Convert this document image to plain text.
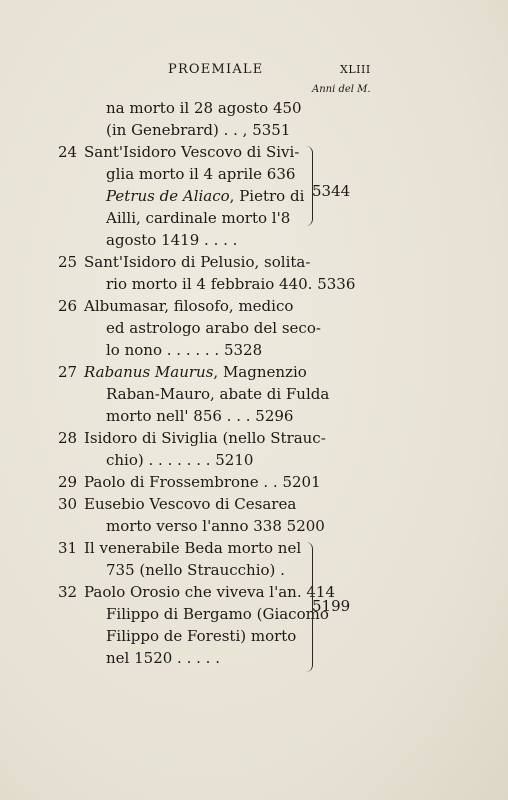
PROEMIALE	XLIII
Anni del M.
na morto il 28 agosto 450
(in Genebrard) . . , 5351
24 Sant'Isidoro Vescovo di Sivi-
glia morto il 4 aprile 636
Petrus de Aliaco, Pietro di
Ailli, cardinale morto l'8
agosto 1419 . . . .
5344
25 Sant'Isidoro di Pelusio, solita-
rio morto il 4 febbraio 440. 5336
26 Albumasar, filosofo, medico
ed astrologo arabo del seco-
lo nono . . . . . . 5328
27 Rabanus Maurus, Magnenzio
Raban-Mauro, abate di Fulda
morto nell' 856 . . . 5296
28 Isidoro di Siviglia (nello Strauc-
chio) . . . . . . . 5210
29 Paolo di Frossembrone . . 5201
30 Eusebio Vescovo di Cesarea
morto verso l'anno 338 5200
31 Il venerabile Beda morto nel
735 (nello Straucchio) .
32 Paolo Orosio che viveva l'an. 414
Filippo di Bergamo (Giacomo
Filippo de Foresti) morto
nel 1520 . . . . .
5199
